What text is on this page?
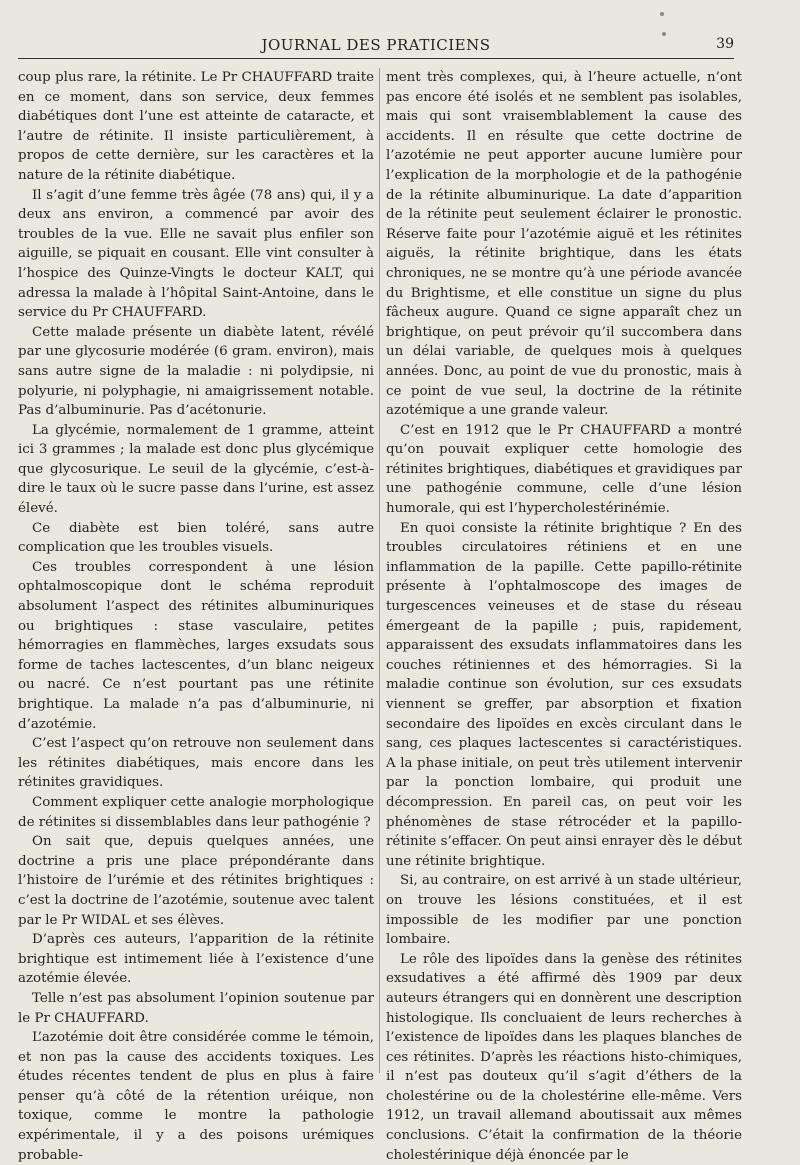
JOURNAL DES PRATICIENS	39

coup plus rare, la rétinite. Le Pr CHAUFFARD traite en ce moment, dans son service, deux femmes diabétiques dont l’une est atteinte de cataracte, et l’autre de rétinite. Il insiste particulièrement, à propos de cette dernière, sur les caractères et la nature de la rétinite diabétique.

Il s’agit d’une femme très âgée (78 ans) qui, il y a deux ans environ, a commencé par avoir des troubles de la vue. Elle ne savait plus enfiler son aiguille, se piquait en cousant. Elle vint consulter à l’hospice des Quinze-Vingts le docteur KALT, qui adressa la malade à l’hôpital Saint-Antoine, dans le service du Pr CHAUFFARD.

Cette malade présente un diabète latent, révélé par une glycosurie modérée (6 gram. environ), mais sans autre signe de la maladie : ni polydipsie, ni polyurie, ni polyphagie, ni amaigrissement notable. Pas d’albuminurie. Pas d’acétonurie.

La glycémie, normalement de 1 gramme, atteint ici 3 grammes ; la malade est donc plus glycémique que glycosurique. Le seuil de la glycémie, c’est-à-dire le taux où le sucre passe dans l’urine, est assez élevé.

Ce diabète est bien toléré, sans autre complication que les troubles visuels.

Ces troubles correspondent à une lésion ophtalmoscopique dont le schéma reproduit absolument l’aspect des rétinites albuminuriques ou brightiques : stase vasculaire, petites hémorragies en flammèches, larges exsudats sous forme de taches lactescentes, d’un blanc neigeux ou nacré. Ce n’est pourtant pas une rétinite brightique. La malade n’a pas d’albuminurie, ni d’azotémie.

C’est l’aspect qu’on retrouve non seulement dans les rétinites diabétiques, mais encore dans les rétinites gravidiques.

Comment expliquer cette analogie morphologique de rétinites si dissemblables dans leur pathogénie ?

On sait que, depuis quelques années, une doctrine a pris une place prépondérante dans l’histoire de l’urémie et des rétinites brightiques : c’est la doctrine de l’azotémie, soutenue avec talent par le Pr WIDAL et ses élèves.

D’après ces auteurs, l’apparition de la rétinite brightique est intimement liée à l’existence d’une azotémie élevée.

Telle n’est pas absolument l’opinion soutenue par le Pr CHAUFFARD.

L’azotémie doit être considérée comme le témoin, et non pas la cause des accidents toxiques. Les études récentes tendent de plus en plus à faire penser qu’à côté de la rétention uréique, non toxique, comme le montre la pathologie expérimentale, il y a des poisons urémiques probable-

ment très complexes, qui, à l’heure actuelle, n’ont pas encore été isolés et ne semblent pas isolables, mais qui sont vraisemblablement la cause des accidents. Il en résulte que cette doctrine de l’azotémie ne peut apporter aucune lumière pour l’explication de la morphologie et de la pathogénie de la rétinite albuminurique. La date d’apparition de la rétinite peut seulement éclairer le pronostic. Réserve faite pour l’azotémie aiguë et les rétinites aiguës, la rétinite brightique, dans les états chroniques, ne se montre qu’à une période avancée du Brightisme, et elle constitue un signe du plus fâcheux augure. Quand ce signe apparaît chez un brightique, on peut prévoir qu’il succombera dans un délai variable, de quelques mois à quelques années. Donc, au point de vue du pronostic, mais à ce point de vue seul, la doctrine de la rétinite azotémique a une grande valeur.

C’est en 1912 que le Pr CHAUFFARD a montré qu’on pouvait expliquer cette homologie des rétinites brightiques, diabétiques et gravidiques par une pathogénie commune, celle d’une lésion humorale, qui est l’hypercholestérinémie.

En quoi consiste la rétinite brightique ? En des troubles circulatoires rétiniens et en une inflammation de la papille. Cette papillo-rétinite présente à l’ophtalmoscope des images de turgescences veineuses et de stase du réseau émergeant de la papille ; puis, rapidement, apparaissent des exsudats inflammatoires dans les couches rétiniennes et des hémorragies. Si la maladie continue son évolution, sur ces exsudats viennent se greffer, par absorption et fixation secondaire des lipoïdes en excès circulant dans le sang, ces plaques lactescentes si caractéristiques. A la phase initiale, on peut très utilement intervenir par la ponction lombaire, qui produit une décompression. En pareil cas, on peut voir les phénomènes de stase rétrocéder et la papillo-rétinite s’effacer. On peut ainsi enrayer dès le début une rétinite brightique.

Si, au contraire, on est arrivé à un stade ultérieur, on trouve les lésions constituées, et il est impossible de les modifier par une ponction lombaire.

Le rôle des lipoïdes dans la genèse des rétinites exsudatives a été affirmé dès 1909 par deux auteurs étrangers qui en donnèrent une description histologique. Ils concluaient de leurs recherches à l’existence de lipoïdes dans les plaques blanches de ces rétinites. D’après les réactions histo-chimiques, il n’est pas douteux qu’il s’agit d’éthers de la cholestérine ou de la cholestérine elle-même. Vers 1912, un travail allemand aboutissait aux mêmes conclusions. C’était la confirmation de la théorie cholestérinique déjà énoncée par le
